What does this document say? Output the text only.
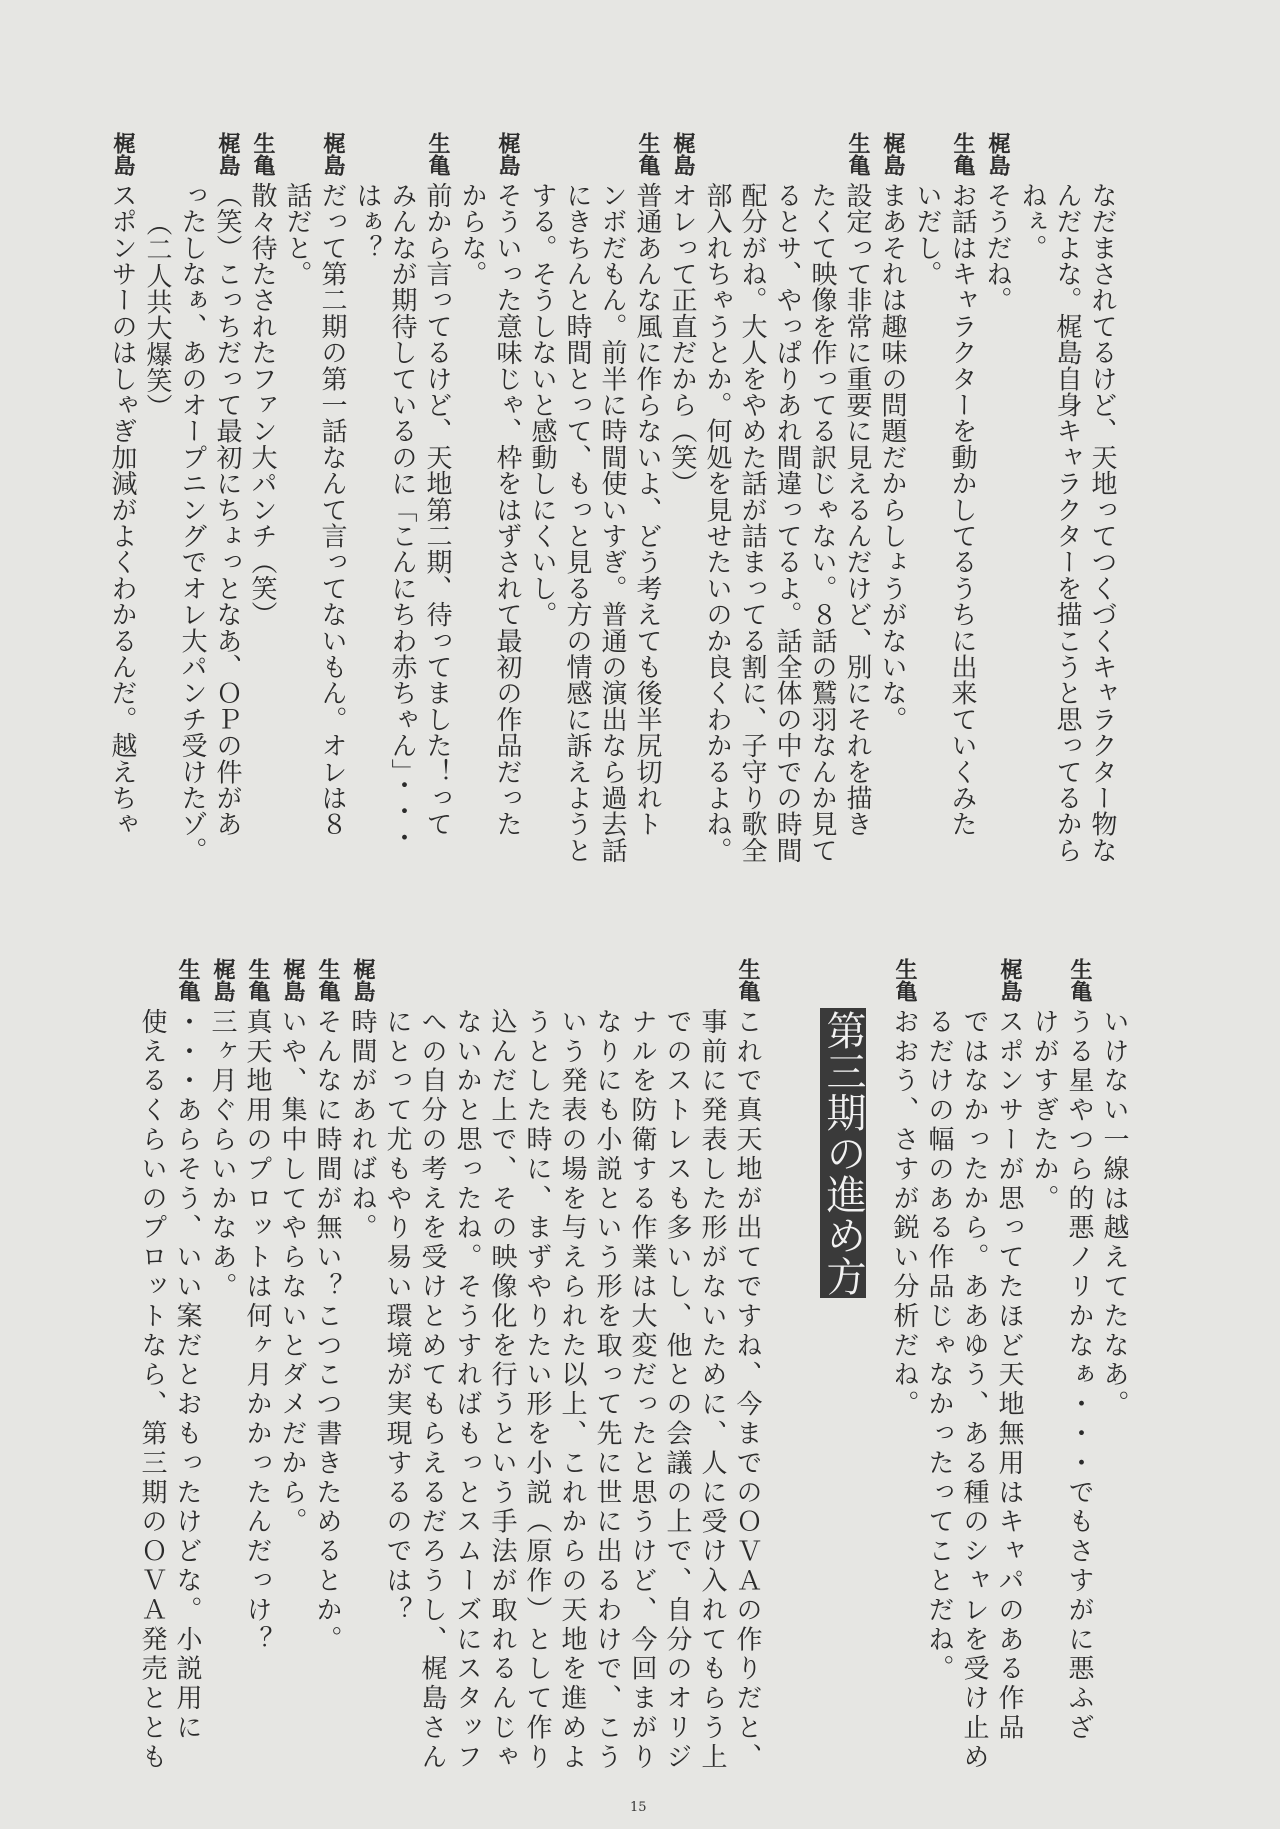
なだまされてるけど、天地ってつくづくキャラクター物な
んだよな。梶島自身キャラクターを描こうと思ってるから
ねぇ。
梶島
そうだね。
生亀
お話はキャラクターを動かしてるうちに出来ていくみた
いだし。
梶島
まあそれは趣味の問題だからしょうがないな。
生亀
設定って非常に重要に見えるんだけど、別にそれを描き
たくて映像を作ってる訳じゃない。８話の鷲羽なんか見て
るとサ、やっぱりあれ間違ってるよ。話全体の中での時間
配分がね。大人をやめた話が詰まってる割に、子守り歌全
部入れちゃうとか。何処を見せたいのか良くわかるよね。
梶島
オレって正直だから（笑）
生亀
普通あんな風に作らないよ、どう考えても後半尻切れト
ンボだもん。前半に時間使いすぎ。普通の演出なら過去話
にきちんと時間とって、もっと見る方の情感に訴えようと
する。そうしないと感動しにくいし。
梶島
そういった意味じゃ、枠をはずされて最初の作品だった
からな。
生亀
前から言ってるけど、天地第二期、待ってました！って
みんなが期待しているのに「こんにちわ赤ちゃん」・・・
はぁ？
梶島
だって第二期の第一話なんて言ってないもん。オレは８
話だと。
生亀
散々待たされたファン大パンチ（笑）
梶島
（笑）こっちだって最初にちょっとなあ、ＯＰの件があ
ったしなぁ、あのオープニングでオレ大パンチ受けたゾ。
（二人共大爆笑）
梶島
スポンサーのはしゃぎ加減がよくわかるんだ。越えちゃ
いけない一線は越えてたなあ。
生亀
うる星やつら的悪ノリかなぁ・・・でもさすがに悪ふざ
けがすぎたか。
梶島
スポンサーが思ってたほど天地無用はキャパのある作品
ではなかったから。ああゆう、ある種のシャレを受け止め
るだけの幅のある作品じゃなかったってことだね。
生亀
おおう、さすが鋭い分析だね。
第三期の進め方
生亀
これで真天地が出てですね、今までのＯＶＡの作りだと、
事前に発表した形がないために、人に受け入れてもらう上
でのストレスも多いし、他との会議の上で、自分のオリジ
ナルを防衛する作業は大変だったと思うけど、今回まがり
なりにも小説という形を取って先に世に出るわけで、こう
いう発表の場を与えられた以上、これからの天地を進めよ
うとした時に、まずやりたい形を小説（原作）として作り
込んだ上で、その映像化を行うという手法が取れるんじゃ
ないかと思ったね。そうすればもっとスムーズにスタッフ
への自分の考えを受けとめてもらえるだろうし、梶島さん
にとって尤もやり易い環境が実現するのでは？
梶島
時間があればね。
生亀
そんなに時間が無い？こつこつ書きためるとか。
梶島
いや、集中してやらないとダメだから。
生亀
真天地用のプロットは何ヶ月かかったんだっけ？
梶島
三ヶ月ぐらいかなあ。
生亀
・・・あらそう、いい案だとおもったけどな。小説用に
使えるくらいのプロットなら、第三期のＯＶＡ発売ととも
15
